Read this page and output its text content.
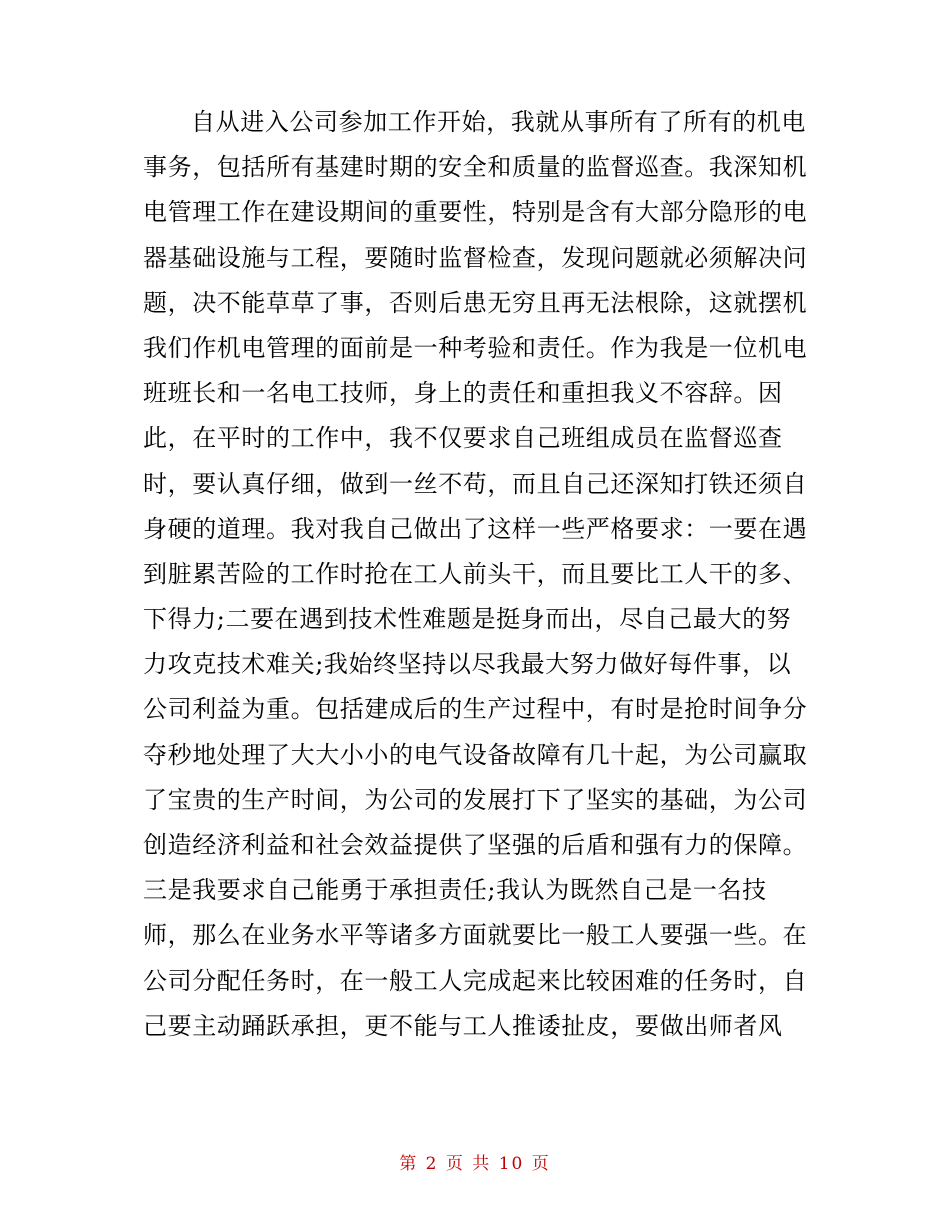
自从进入公司参加工作开始，我就从事所有了所有的机电
事务，包括所有基建时期的安全和质量的监督巡查。我深知机
电管理工作在建设期间的重要性，特别是含有大部分隐形的电
器基础设施与工程，要随时监督检查，发现问题就必须解决问
题，决不能草草了事，否则后患无穷且再无法根除，这就摆机
我们作机电管理的面前是一种考验和责任。作为我是一位机电
班班长和一名电工技师，身上的责任和重担我义不容辞。因
此，在平时的工作中，我不仅要求自己班组成员在监督巡查
时，要认真仔细，做到一丝不苟，而且自己还深知打铁还须自
身硬的道理。我对我自己做出了这样一些严格要求：一要在遇
到脏累苦险的工作时抢在工人前头干，而且要比工人干的多、
下得力;二要在遇到技术性难题是挺身而出，尽自己最大的努
力攻克技术难关;我始终坚持以尽我最大努力做好每件事，以
公司利益为重。包括建成后的生产过程中，有时是抢时间争分
夺秒地处理了大大小小的电气设备故障有几十起，为公司赢取
了宝贵的生产时间，为公司的发展打下了坚实的基础，为公司
创造经济利益和社会效益提供了坚强的后盾和强有力的保障。
三是我要求自己能勇于承担责任;我认为既然自己是一名技
师，那么在业务水平等诸多方面就要比一般工人要强一些。在
公司分配任务时，在一般工人完成起来比较困难的任务时，自
己要主动踊跃承担，更不能与工人推诿扯皮，要做出师者风
第 2 页 共 10 页
